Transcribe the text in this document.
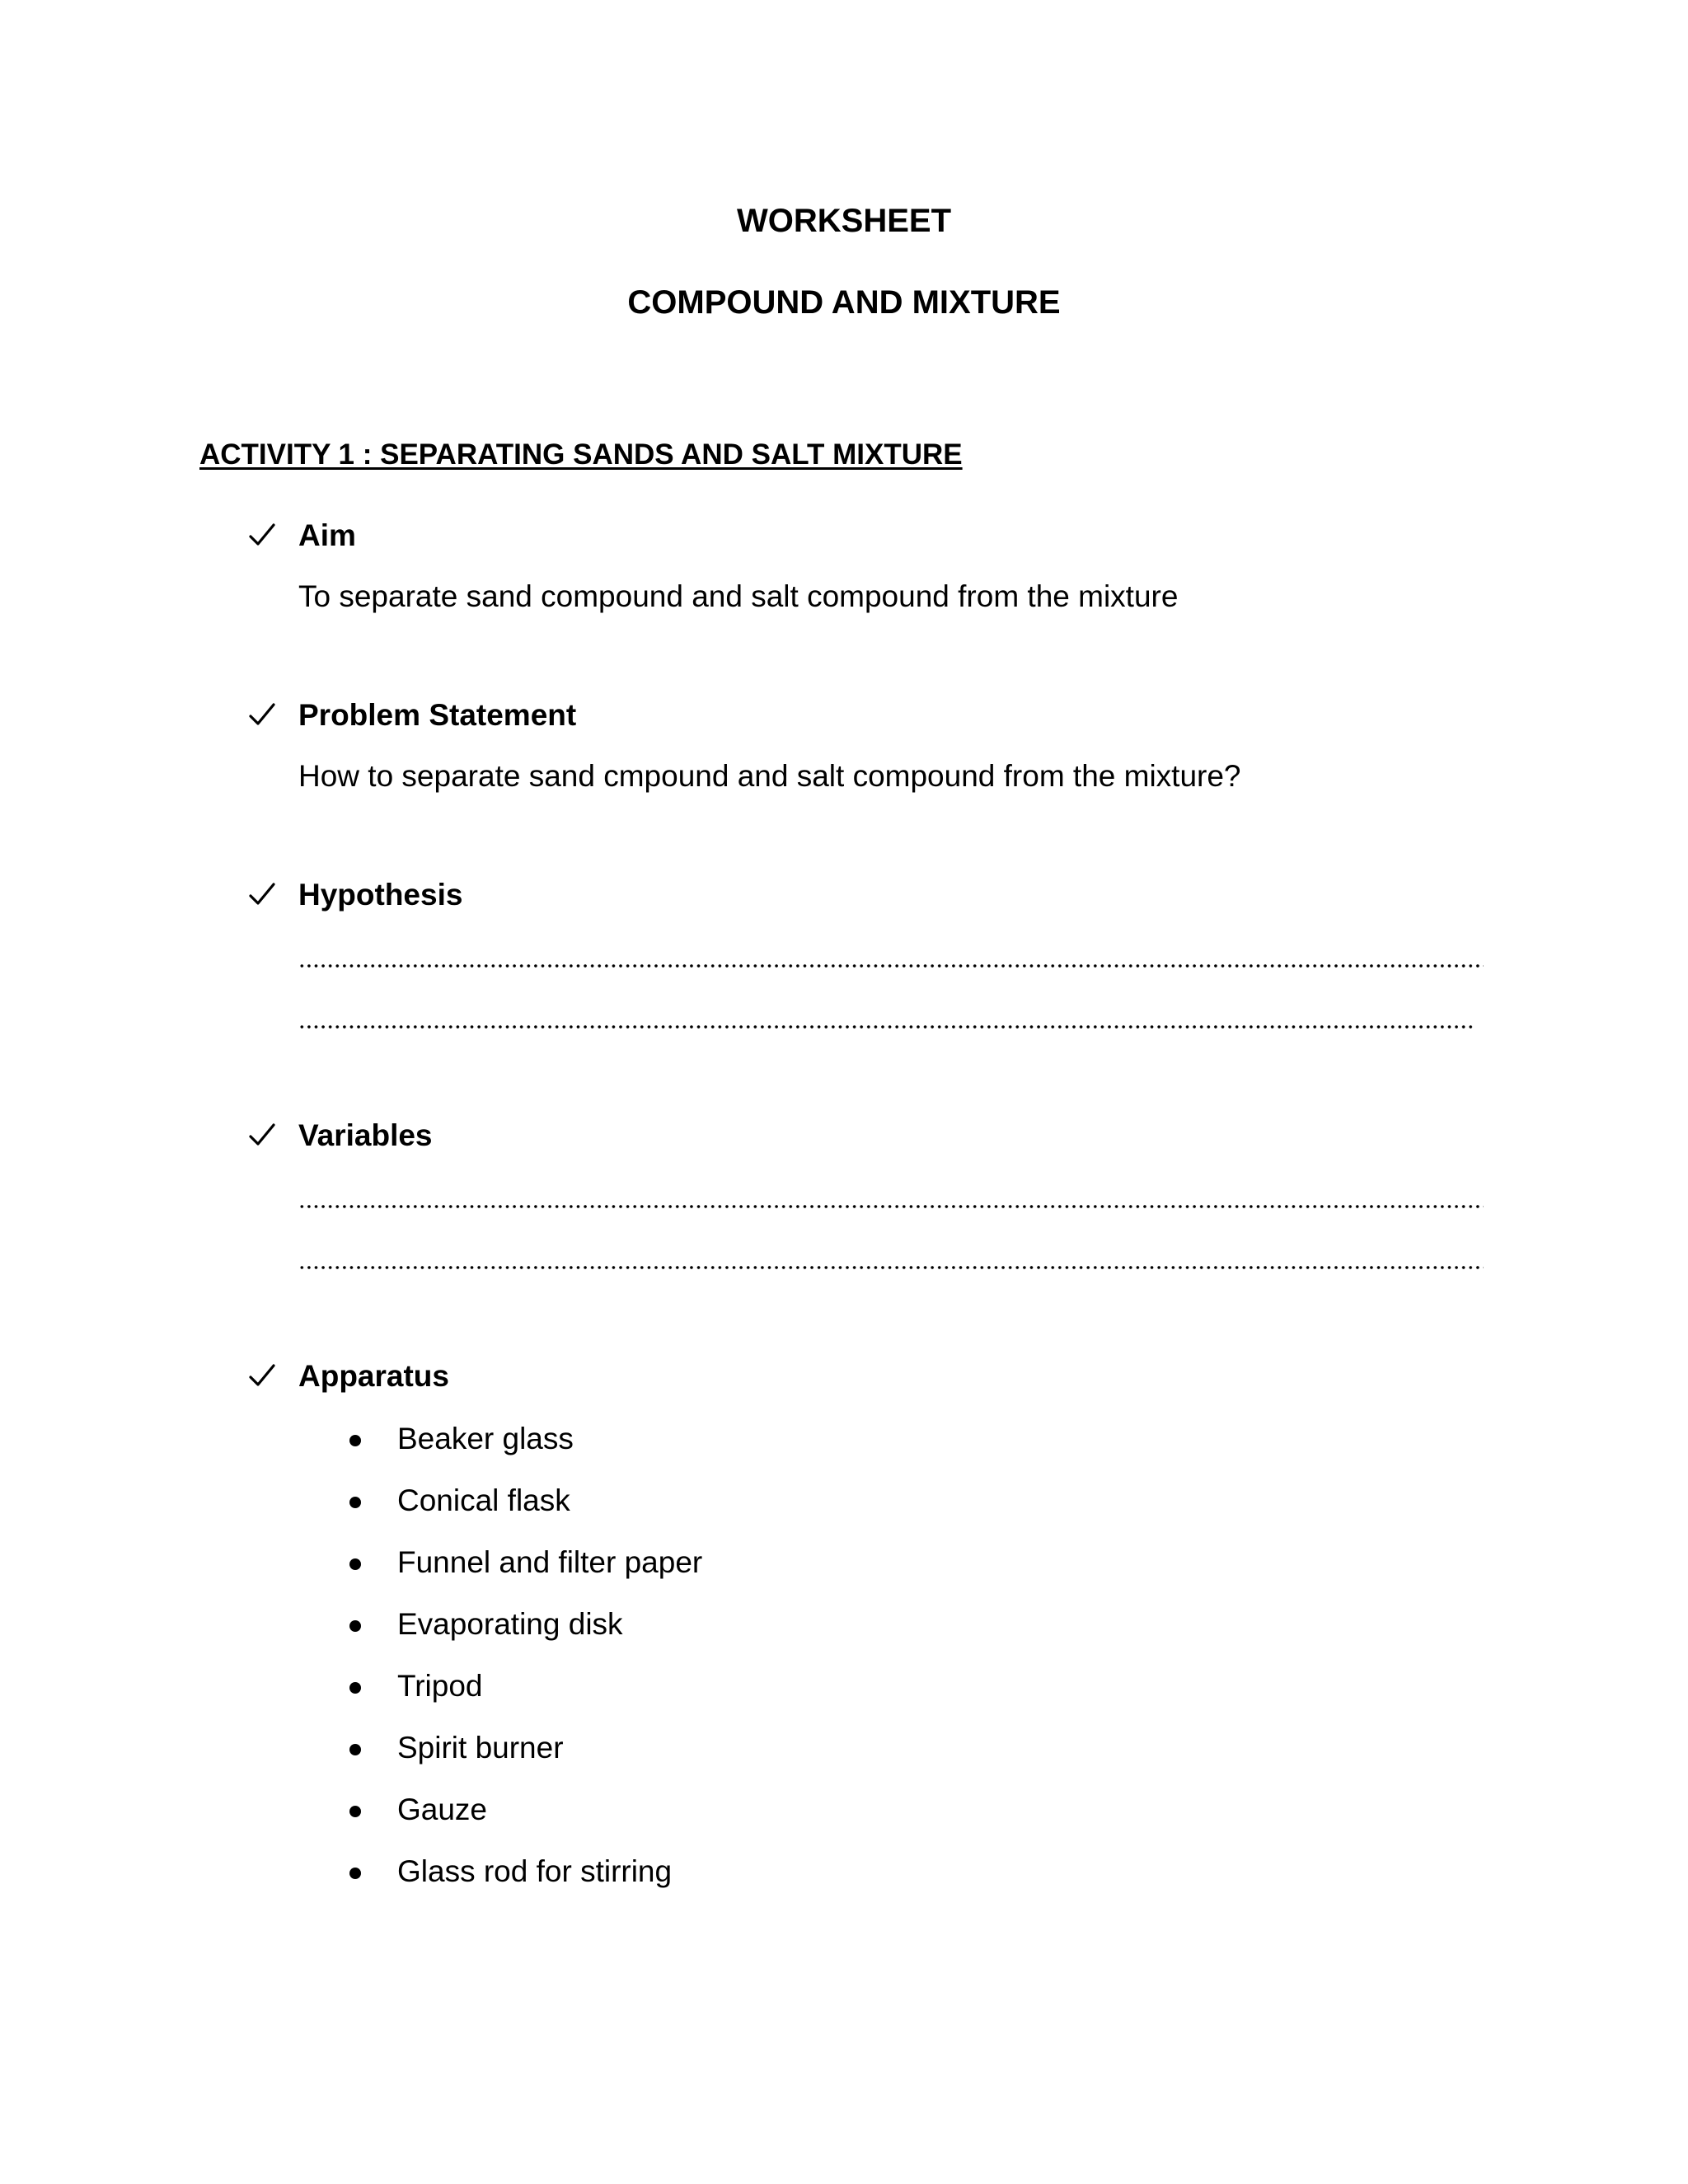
WORKSHEET
COMPOUND AND MIXTURE
ACTIVITY 1 : SEPARATING SANDS AND SALT MIXTURE

Aim

To separate sand compound and salt compound from the mixture

Problem Statement

How to separate sand cmpound and salt compound from the mixture?

Hypothesis

Variables

Apparatus

Beaker glass
Conical flask
Funnel and filter paper
Evaporating disk
Tripod
Spirit burner
Gauze
Glass rod for stirring
